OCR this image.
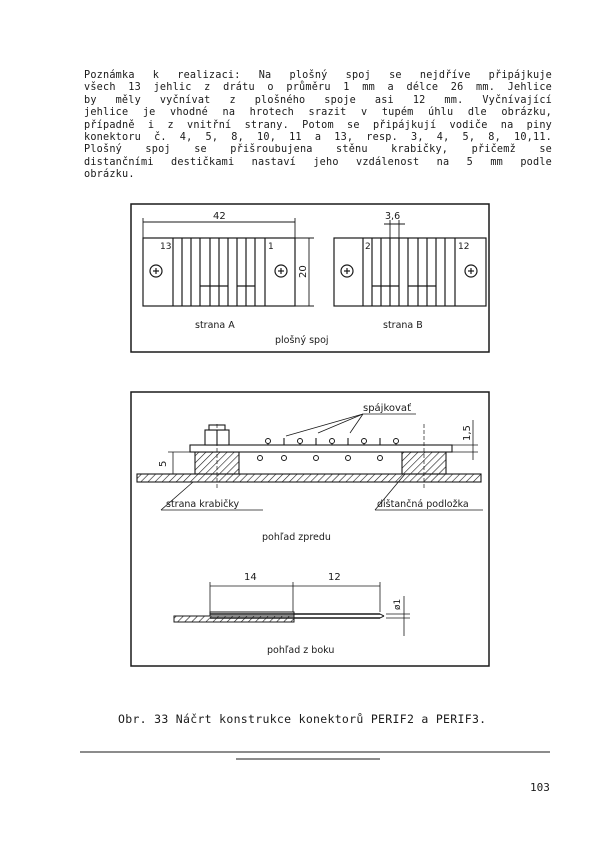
Poznámka k realizaci: Na plošný spoj se nejdříve připájkuje
všech 13 jehlic z drátu o průměru 1 mm a délce 26 mm. Jehlice
by měly vyčnívat z plošného spoje asi 12 mm. Vyčnívající
jehlice je vhodné na hrotech srazit v tupém úhlu dle obrázku,
případně i z vnitřní strany. Potom se připájkují vodiče na piny
konektoru č. 4, 5, 8, 10, 11 a 13, resp. 3, 4, 5, 8, 10,11.
Plošný spoj se přišroubujena stěnu krabičky, přičemž se
distančními destičkami nastaví jeho vzdálenost na 5 mm podle
obrázku.
42
20
13	1
strana A
3,6
2	12
strana B
plošný spoj
spájkovať
5
1,5
strana krabičky	dištančná podložka
pohľad zpredu
14	12
ø1
pohľad z boku
Obr. 33 Náčrt konstrukce konektorů PERIF2 a PERIF3.
103
